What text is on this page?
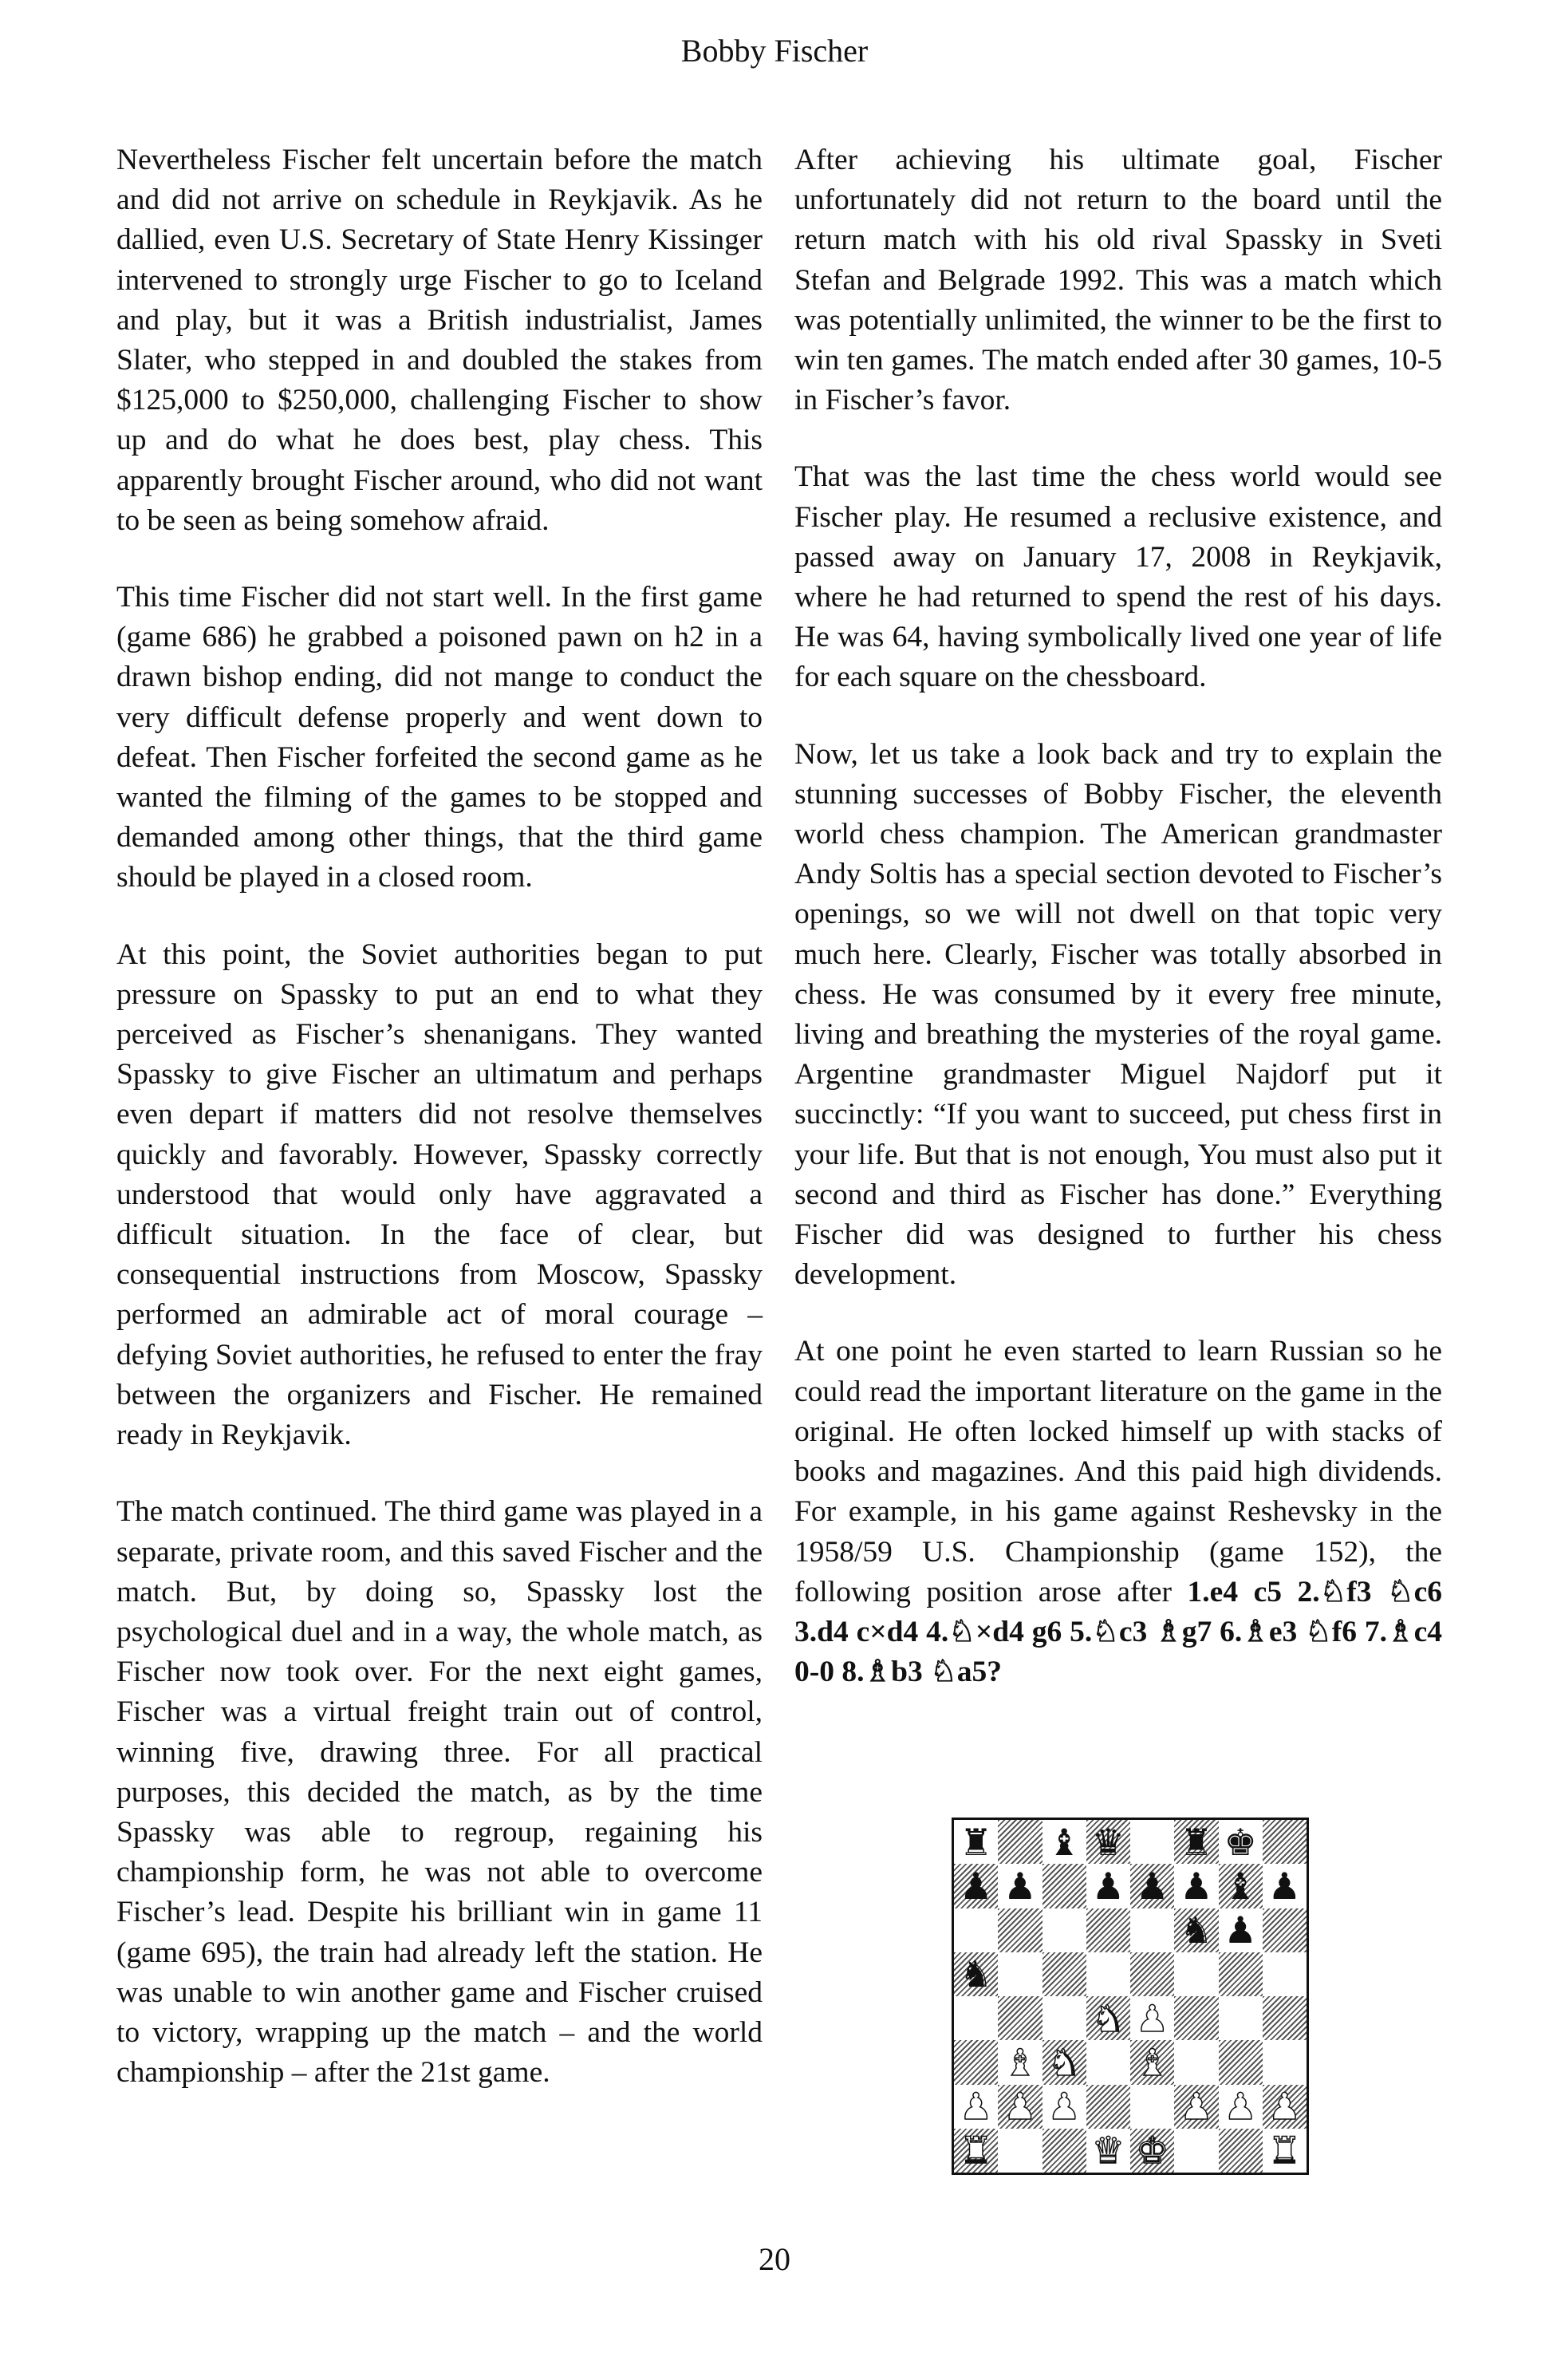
Bobby Fischer

Nevertheless Fischer felt uncertain before the match and did not arrive on schedule in Reykjavik. As he dallied, even U.S. Secretary of State Henry Kissinger intervened to strongly urge Fischer to go to Iceland and play, but it was a British industrialist, James Slater, who stepped in and doubled the stakes from $125,000 to $250,000, challenging Fischer to show up and do what he does best, play chess. This apparently brought Fischer around, who did not want to be seen as being somehow afraid.

This time Fischer did not start well. In the first game (game 686) he grabbed a poisoned pawn on h2 in a drawn bishop ending, did not mange to conduct the very difficult defense properly and went down to defeat. Then Fischer forfeited the second game as he wanted the filming of the games to be stopped and demanded among other things, that the third game should be played in a closed room.

At this point, the Soviet authorities began to put pressure on Spassky to put an end to what they perceived as Fischer’s shenanigans. They wanted Spassky to give Fischer an ultimatum and perhaps even depart if matters did not resolve themselves quickly and favorably. However, Spassky correctly understood that would only have aggravated a difficult situation. In the face of clear, but consequential instructions from Moscow, Spassky performed an admirable act of moral courage – defying Soviet authorities, he refused to enter the fray between the organizers and Fischer. He remained ready in Reykjavik.

The match continued. The third game was played in a separate, private room, and this saved Fischer and the match. But, by doing so, Spassky lost the psychological duel and in a way, the whole match, as Fischer now took over. For the next eight games, Fischer was a virtual freight train out of control, winning five, drawing three. For all practical purposes, this decided the match, as by the time Spassky was able to regroup, regaining his championship form, he was not able to overcome Fischer’s lead. Despite his brilliant win in game 11 (game 695), the train had already left the station. He was unable to win another game and Fischer cruised to victory, wrapping up the match – and the world championship – after the 21st game.

After achieving his ultimate goal, Fischer unfortunately did not return to the board until the return match with his old rival Spassky in Sveti Stefan and Belgrade 1992. This was a match which was potentially unlimited, the winner to be the first to win ten games. The match ended after 30 games, 10-5 in Fischer’s favor.

That was the last time the chess world would see Fischer play. He resumed a reclusive existence, and passed away on January 17, 2008 in Reykjavik, where he had returned to spend the rest of his days. He was 64, having symbolically lived one year of life for each square on the chessboard.

Now, let us take a look back and try to explain the stunning successes of Bobby Fischer, the eleventh world chess champion. The American grandmaster Andy Soltis has a special section devoted to Fischer’s openings, so we will not dwell on that topic very much here. Clearly, Fischer was totally absorbed in chess. He was consumed by it every free minute, living and breathing the mysteries of the royal game. Argentine grandmaster Miguel Najdorf put it succinctly: “If you want to succeed, put chess first in your life. But that is not enough, You must also put it second and third as Fischer has done.” Everything Fischer did was designed to further his chess development.

At one point he even started to learn Russian so he could read the important literature on the game in the original. He often locked himself up with stacks of books and magazines. And this paid high dividends. For example, in his game against Reshevsky in the 1958/59 U.S. Championship (game 152), the following position arose after 1.e4 c5 2.♘f3 ♘c6 3.d4 c×d4 4.♘×d4 g6 5.♘c3 ♗g7 6.♗e3 ♘f6 7.♗c4 0-0 8.♗b3 ♘a5?

♜ ♝ ♛ ♜ ♚
♟ ♟ ♟ ♟ ♟ ♝ ♟
♞ ♟
♞
♞ ♟
♝ ♞ ♝
♟ ♟ ♟	♟ ♟ ♟
♜	♛ ♚	♜
20
